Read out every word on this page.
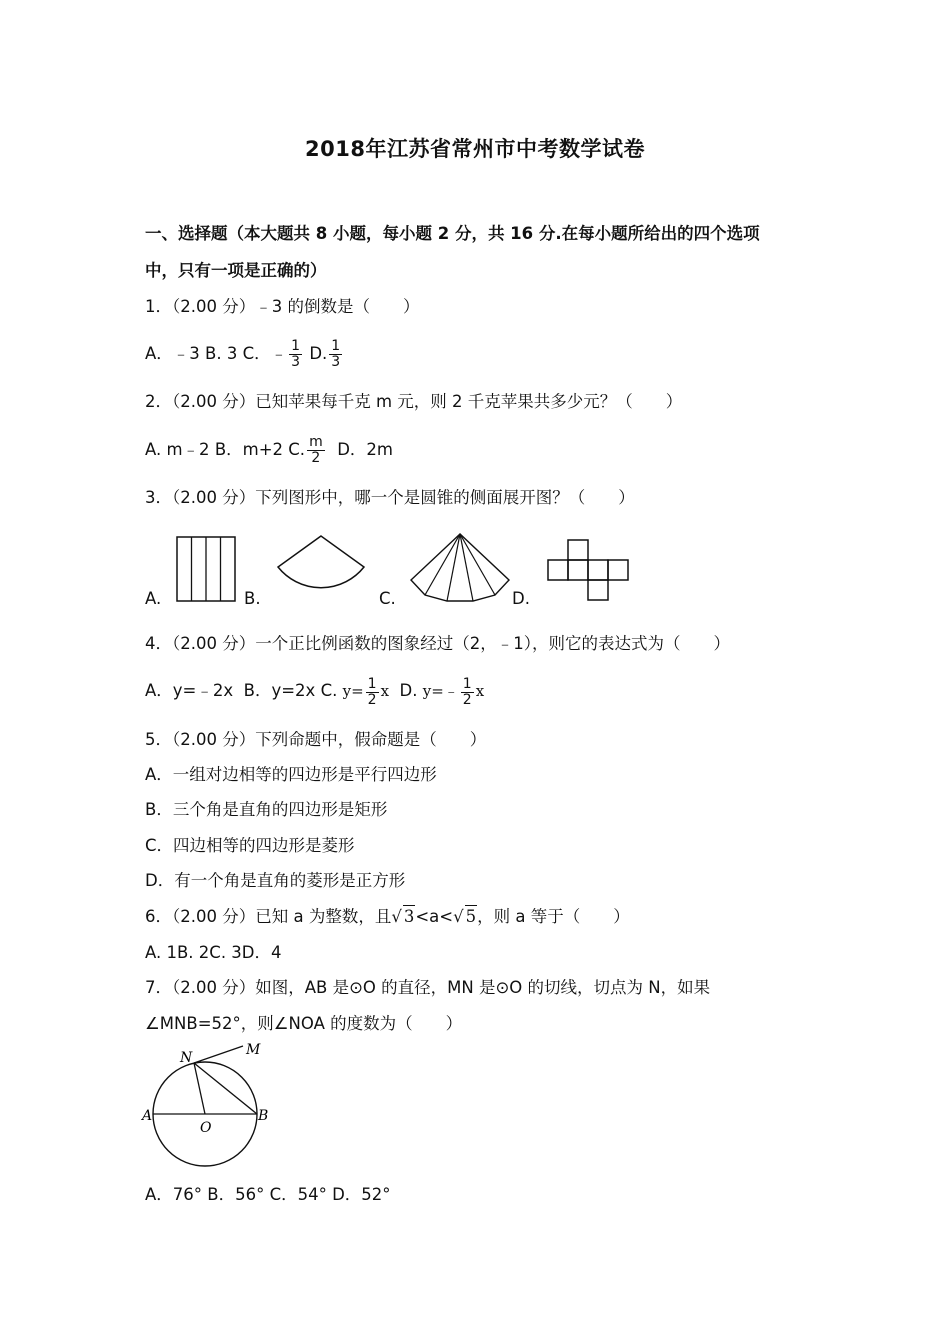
2018年江苏省常州市中考数学试卷
一、选择题（本大题共 8 小题，每小题 2 分，共 16 分.在每小题所给出的四个选项
中，只有一项是正确的）
1．（2.00 分）﹣3 的倒数是（　　）
A．﹣3 B. 3 C．﹣ $\frac{1}{3} D$. $\frac{1}{3}$
2．（2.00 分）已知苹果每千克 m 元，则 2 千克苹果共多少元？（　　）
A. m﹣2 B．m+2 C. $\frac{m}{2}$ D．2m
3．（2.00 分）下列图形中，哪一个是圆锥的侧面展开图？（　　）
A.	B.	C.	D.
4．（2.00 分）一个正比例函数的图象经过（2，﹣1），则它的表达式为（　　）
A．y=﹣2x B．y=2x C. $y= \frac{1}{2}$ x D. y=﹣ $\frac{1}{2}$ x
5．（2.00 分）下列命题中，假命题是（　　）
A．一组对边相等的四边形是平行四边形
B．三个角是直角的四边形是矩形
C．四边相等的四边形是菱形
D．有一个角是直角的菱形是正方形
6．（2.00 分）已知 a 为整数，且√ 3<a<√ 5，则 a 等于（　　）
A. 1B. 2C. 3D．4
7．（2.00 分）如图，AB 是⊙O 的直径，MN 是⊙O 的切线，切点为 N，如果
∠MNB=52°，则∠NOA 的度数为（　　）
N	M
A	B
O
A．76° B．56° C．54° D．52°
